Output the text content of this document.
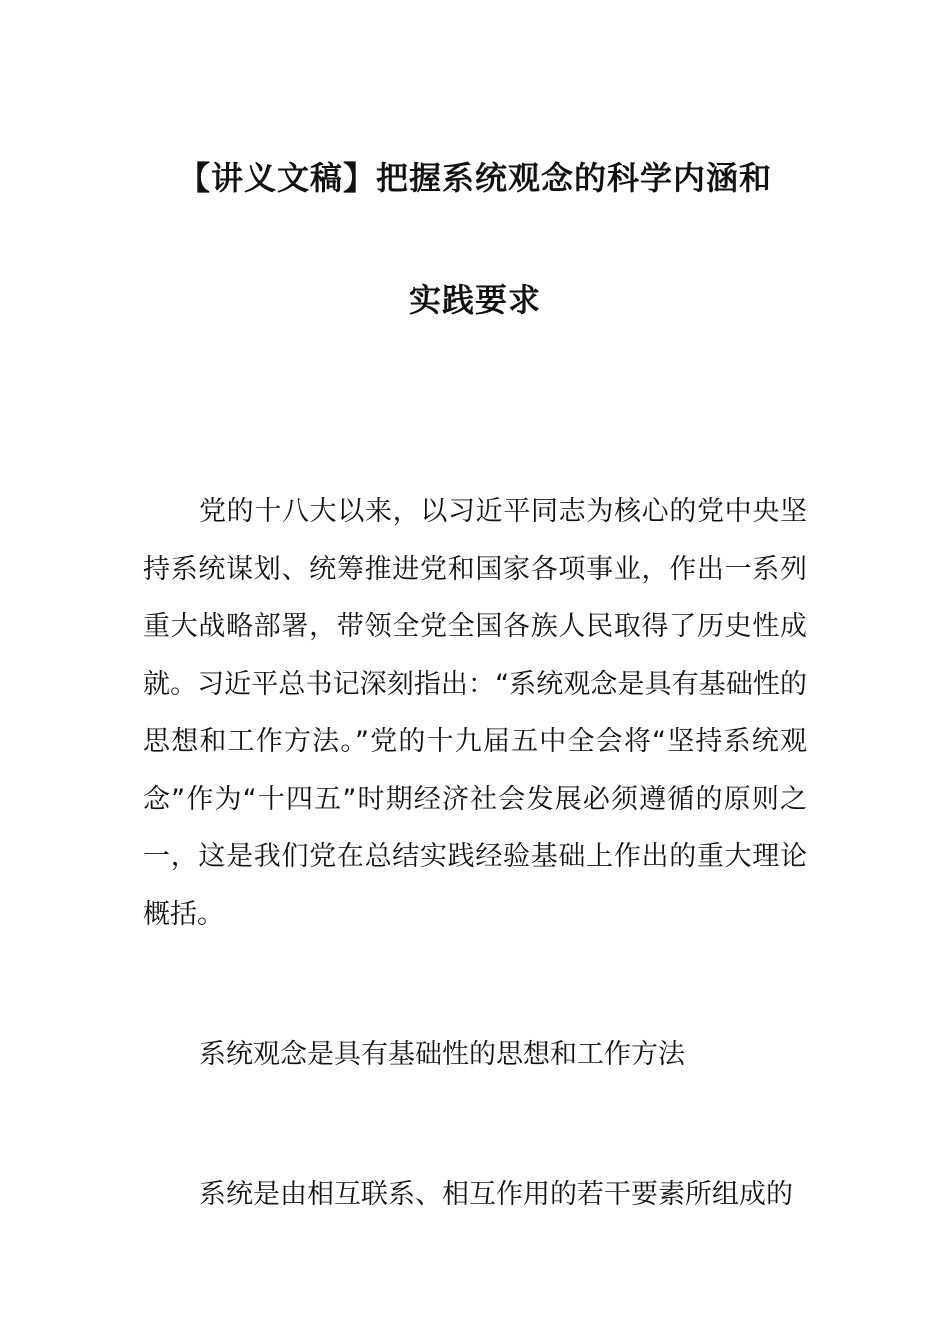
【讲义文稿】把握系统观念的科学内涵和
实践要求
党的十八大以来，以习近平同志为核心的党中央坚持系统谋划、统筹推进党和国家各项事业，作出一系列重大战略部署，带领全党全国各族人民取得了历史性成就。习近平总书记深刻指出：“系统观念是具有基础性的思想和工作方法。”党的十九届五中全会将“坚持系统观念”作为“十四五”时期经济社会发展必须遵循的原则之一，这是我们党在总结实践经验基础上作出的重大理论概括。
系统观念是具有基础性的思想和工作方法
系统是由相互联系、相互作用的若干要素所组成的
